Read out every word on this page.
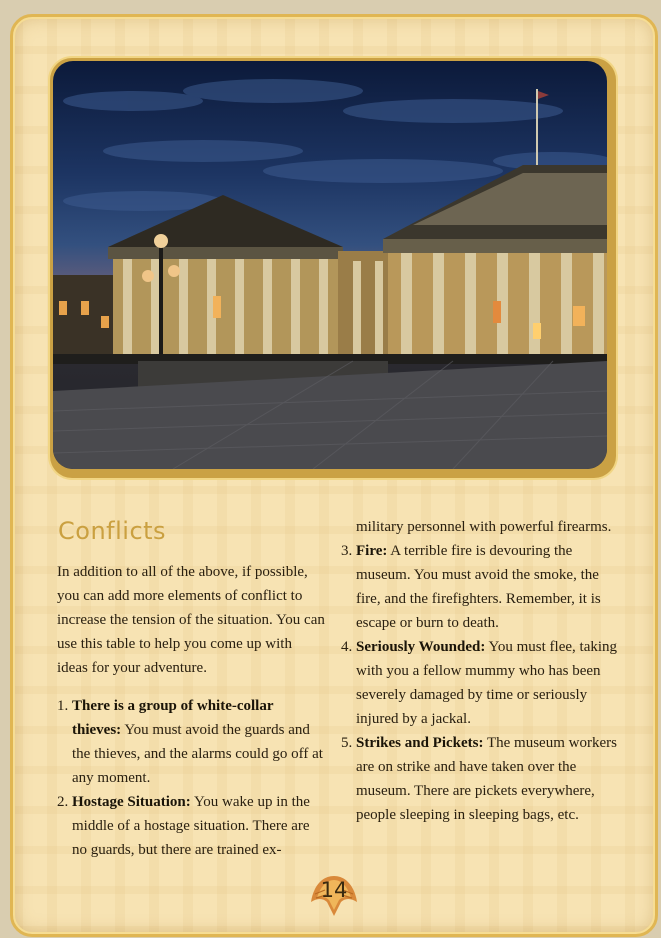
Conflicts

In addition to all of the above, if possible, you can add more elements of conflict to increase the tension of the situation. You can use this table to help you come up with ideas for your adventure.

1. There is a group of white-collar thieves: You must avoid the guards and the thieves, and the alarms could go off at any moment.
2. Hostage Situation: You wake up in the middle of a hostage situation. There are no guards, but there are trained ex-

military personnel with powerful firearms.

3. Fire: A terrible fire is devouring the museum. You must avoid the smoke, the fire, and the firefighters. Remember, it is escape or burn to death.
4. Seriously Wounded: You must flee, taking with you a fellow mummy who has been severely damaged by time or seriously injured by a jackal.
5. Strikes and Pickets: The museum workers are on strike and have taken over the museum. There are pickets everywhere, people sleeping in sleeping bags, etc.
14
